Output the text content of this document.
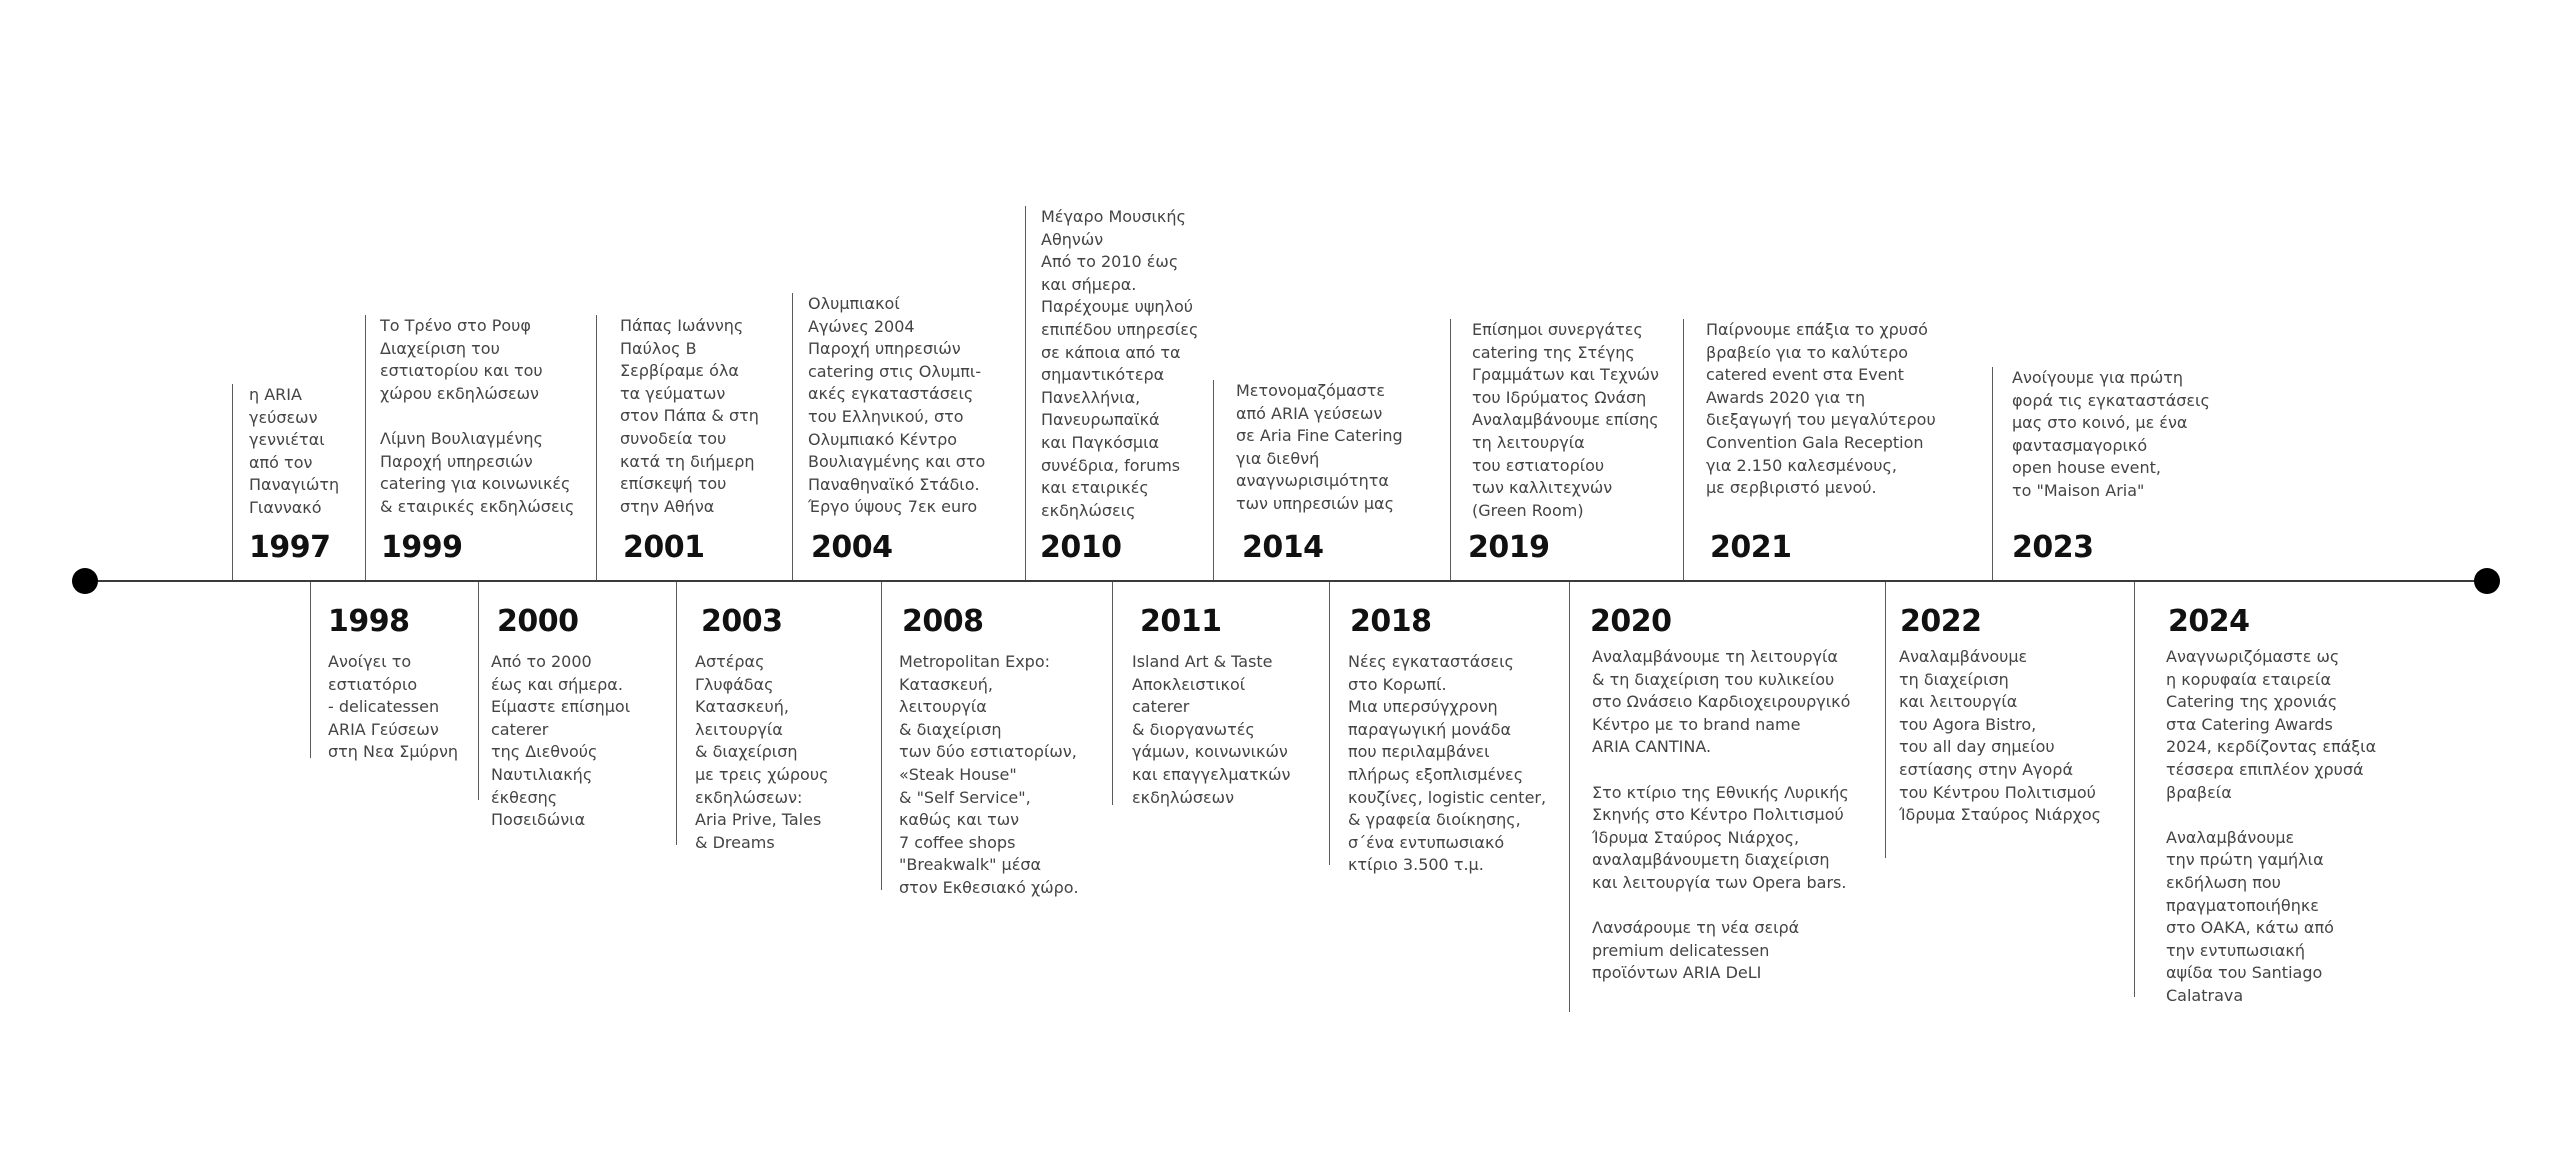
1997
η ARIA
γεύσεων
γεννιέται
από τον
Παναγιώτη
Γιαννακό
1998
Ανοίγει το
εστιατόριο
- delicatessen
ARIA Γεύσεων
στη Νεα Σμύρνη
1999
Το Τρένο στο Ρουφ
Διαχείριση του
εστιατορίου και του
χώρου εκδηλώσεων
Λίμνη Βουλιαγμένης
Παροχή υπηρεσιών
catering για κοινωνικές
& εταιρικές εκδηλώσεις
2000
Από το 2000
έως και σήμερα.
Είμαστε επίσημοι
caterer
της Διεθνούς
Ναυτιλιακής
έκθεσης
Ποσειδώνια
2001
Πάπας Ιωάννης
Παύλος Β
Σερβίραμε όλα
τα γεύματων
στον Πάπα & στη
συνοδεία του
κατά τη διήμερη
επίσκεψή του
στην Αθήνα
2003
Αστέρας
Γλυφάδας
Κατασκευή,
λειτουργία
& διαχείριση
με τρεις χώρους
εκδηλώσεων:
Aria Prive, Tales
& Dreams
2004
Ολυμπιακοί
Αγώνες 2004
Παροχή υπηρεσιών
catering στις Ολυμπι-
ακές εγκαταστάσεις
του Ελληνικού, στο
Ολυμπιακό Κέντρο
Βουλιαγμένης και στο
Παναθηναϊκό Στάδιο.
Έργο ύψους 7εκ euro
2008
Metropolitan Expo:
Κατασκευή,
λειτουργία
& διαχείριση
των δύο εστιατορίων,
«Steak House"
& "Self Service",
καθώς και των
7 coffee shops
"Breakwalk" μέσα
στον Εκθεσιακό χώρο.
2010
Μέγαρο Μουσικής
Αθηνών
Από το 2010 έως
και σήμερα.
Παρέχουμε υψηλού
επιπέδου υπηρεσίες
σε κάποια από τα
σημαντικότερα
Πανελλήνια,
Πανευρωπαϊκά
και Παγκόσμια
συνέδρια, forums
και εταιρικές
εκδηλώσεις
2011
Island Art & Taste
Αποκλειστικοί
caterer
& διοργανωτές
γάμων, κοινωνικών
και επαγγελματκών
εκδηλώσεων
2014
Μετονομαζόμαστε
από ARIA γεύσεων
σε Aria Fine Catering
για διεθνή
αναγνωρισιμότητα
των υπηρεσιών μας
2018
Νέες εγκαταστάσεις
στο Κορωπί.
Μια υπερσύγχρονη
παραγωγική μονάδα
που περιλαμβάνει
πλήρως εξοπλισμένες
κουζίνες, logistic center,
& γραφεία διοίκησης,
σ΄ένα εντυπωσιακό
κτίριο 3.500 τ.μ.
2019
Επίσημοι συνεργάτες
catering της Στέγης
Γραμμάτων και Τεχνών
του Ιδρύματος Ωνάση
Αναλαμβάνουμε επίσης
τη λειτουργία
του εστιατορίου
των καλλιτεχνών
(Green Room)
2020
Αναλαμβάνουμε τη λειτουργία
& τη διαχείριση του κυλικείου
στο Ωνάσειο Καρδιοχειρουργικό
Κέντρο με το brand name
ARIA CANTINA.
Στο κτίριο της Εθνικής Λυρικής
Σκηνής στο Κέντρο Πολιτισμού
Ίδρυμα Σταύρος Νιάρχος,
αναλαμβάνουμετη διαχείριση
και λειτουργία των Opera bars.
Λανσάρουμε τη νέα σειρά
premium delicatessen
προϊόντων ARIA DeLI
2021
Παίρνουμε επάξια το χρυσό
βραβείο για το καλύτερο
catered event στα Event
Awards 2020 για τη
διεξαγωγή του μεγαλύτερου
Convention Gala Reception
για 2.150 καλεσμένους,
με σερβιριστό μενού.
2022
Αναλαμβάνουμε
τη διαχείριση
και λειτουργία
του Agora Bistro,
του all day σημείου
εστίασης στην Αγορά
του Κέντρου Πολιτισμού
Ίδρυμα Σταύρος Νιάρχος
2023
Ανοίγουμε για πρώτη
φορά τις εγκαταστάσεις
μας στο κοινό, με ένα
φαντασμαγορικό
open house event,
το "Maison Aria"
2024
Αναγνωριζόμαστε ως
η κορυφαία εταιρεία
Catering της χρονιάς
στα Catering Awards
2024, κερδίζοντας επάξια
τέσσερα επιπλέον χρυσά
βραβεία
Αναλαμβάνουμε
την πρώτη γαμήλια
εκδήλωση που
πραγματοποιήθηκε
στο ΟΑΚΑ, κάτω από
την εντυπωσιακή
αψίδα του Santiago
Calatrava
